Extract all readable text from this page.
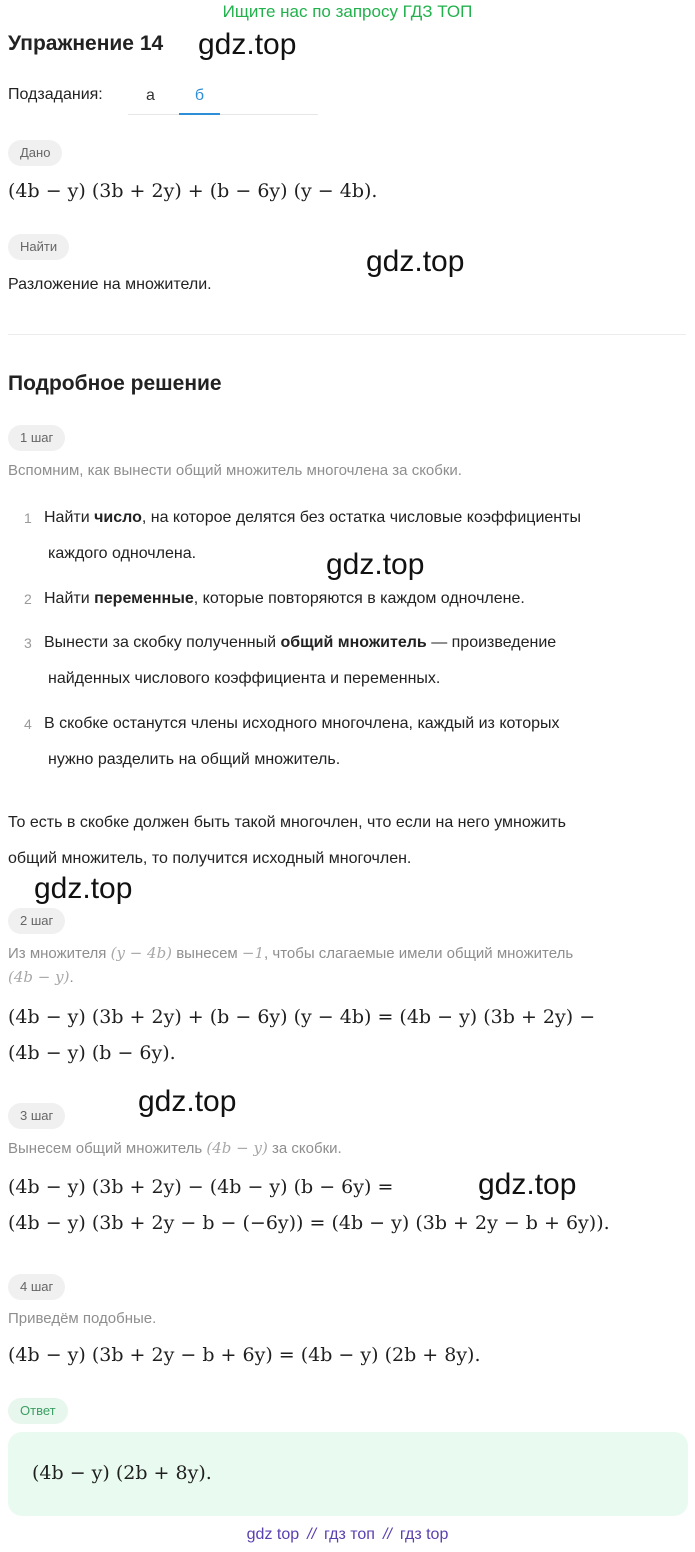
Ищите нас по запросу ГДЗ ТОП
Упражнение 14 gdz.top
Подзадания:	а	б
Дано
(4b − y) (3b + 2y) + (b − 6y) (y − 4b).
Найти	gdz.top
Разложение на множители.
Подробное решение
1 шаг
Вспомним, как вынести общий множитель многочлена за скобки.
1 Найти число, на которое делятся без остатка числовые коэффициенты
каждого одночлена.
2 Найти переменные, которые повторяются в каждом одночлене.
3 Вынести за скобку полученный общий множитель — произведение
найденных числового коэффициента и переменных.
4 В скобке останутся члены исходного многочлена, каждый из которых
нужно разделить на общий множитель.
gdz.top
То есть в скобке должен быть такой многочлен, что если на него умножить
общий множитель, то получится исходный многочлен.
gdz.top
2 шаг
Из множителя (y − 4b) вынесем −1, чтобы слагаемые имели общий множитель
(4b − y).
(4b − y) (3b + 2y) + (b − 6y) (y − 4b) = (4b − y) (3b + 2y) −
(4b − y) (b − 6y).
gdz.top
3 шаг
Вынесем общий множитель (4b − y) за скобки.
(4b − y) (3b + 2y) − (4b − y) (b − 6y) =	gdz.top
(4b − y) (3b + 2y − b − (−6y)) = (4b − y) (3b + 2y − b + 6y)).
4 шаг
Приведём подобные.
(4b − y) (3b + 2y − b + 6y) = (4b − y) (2b + 8y).
Ответ
(4b − y) (2b + 8y).
gdz top // гдз топ // гдз top
